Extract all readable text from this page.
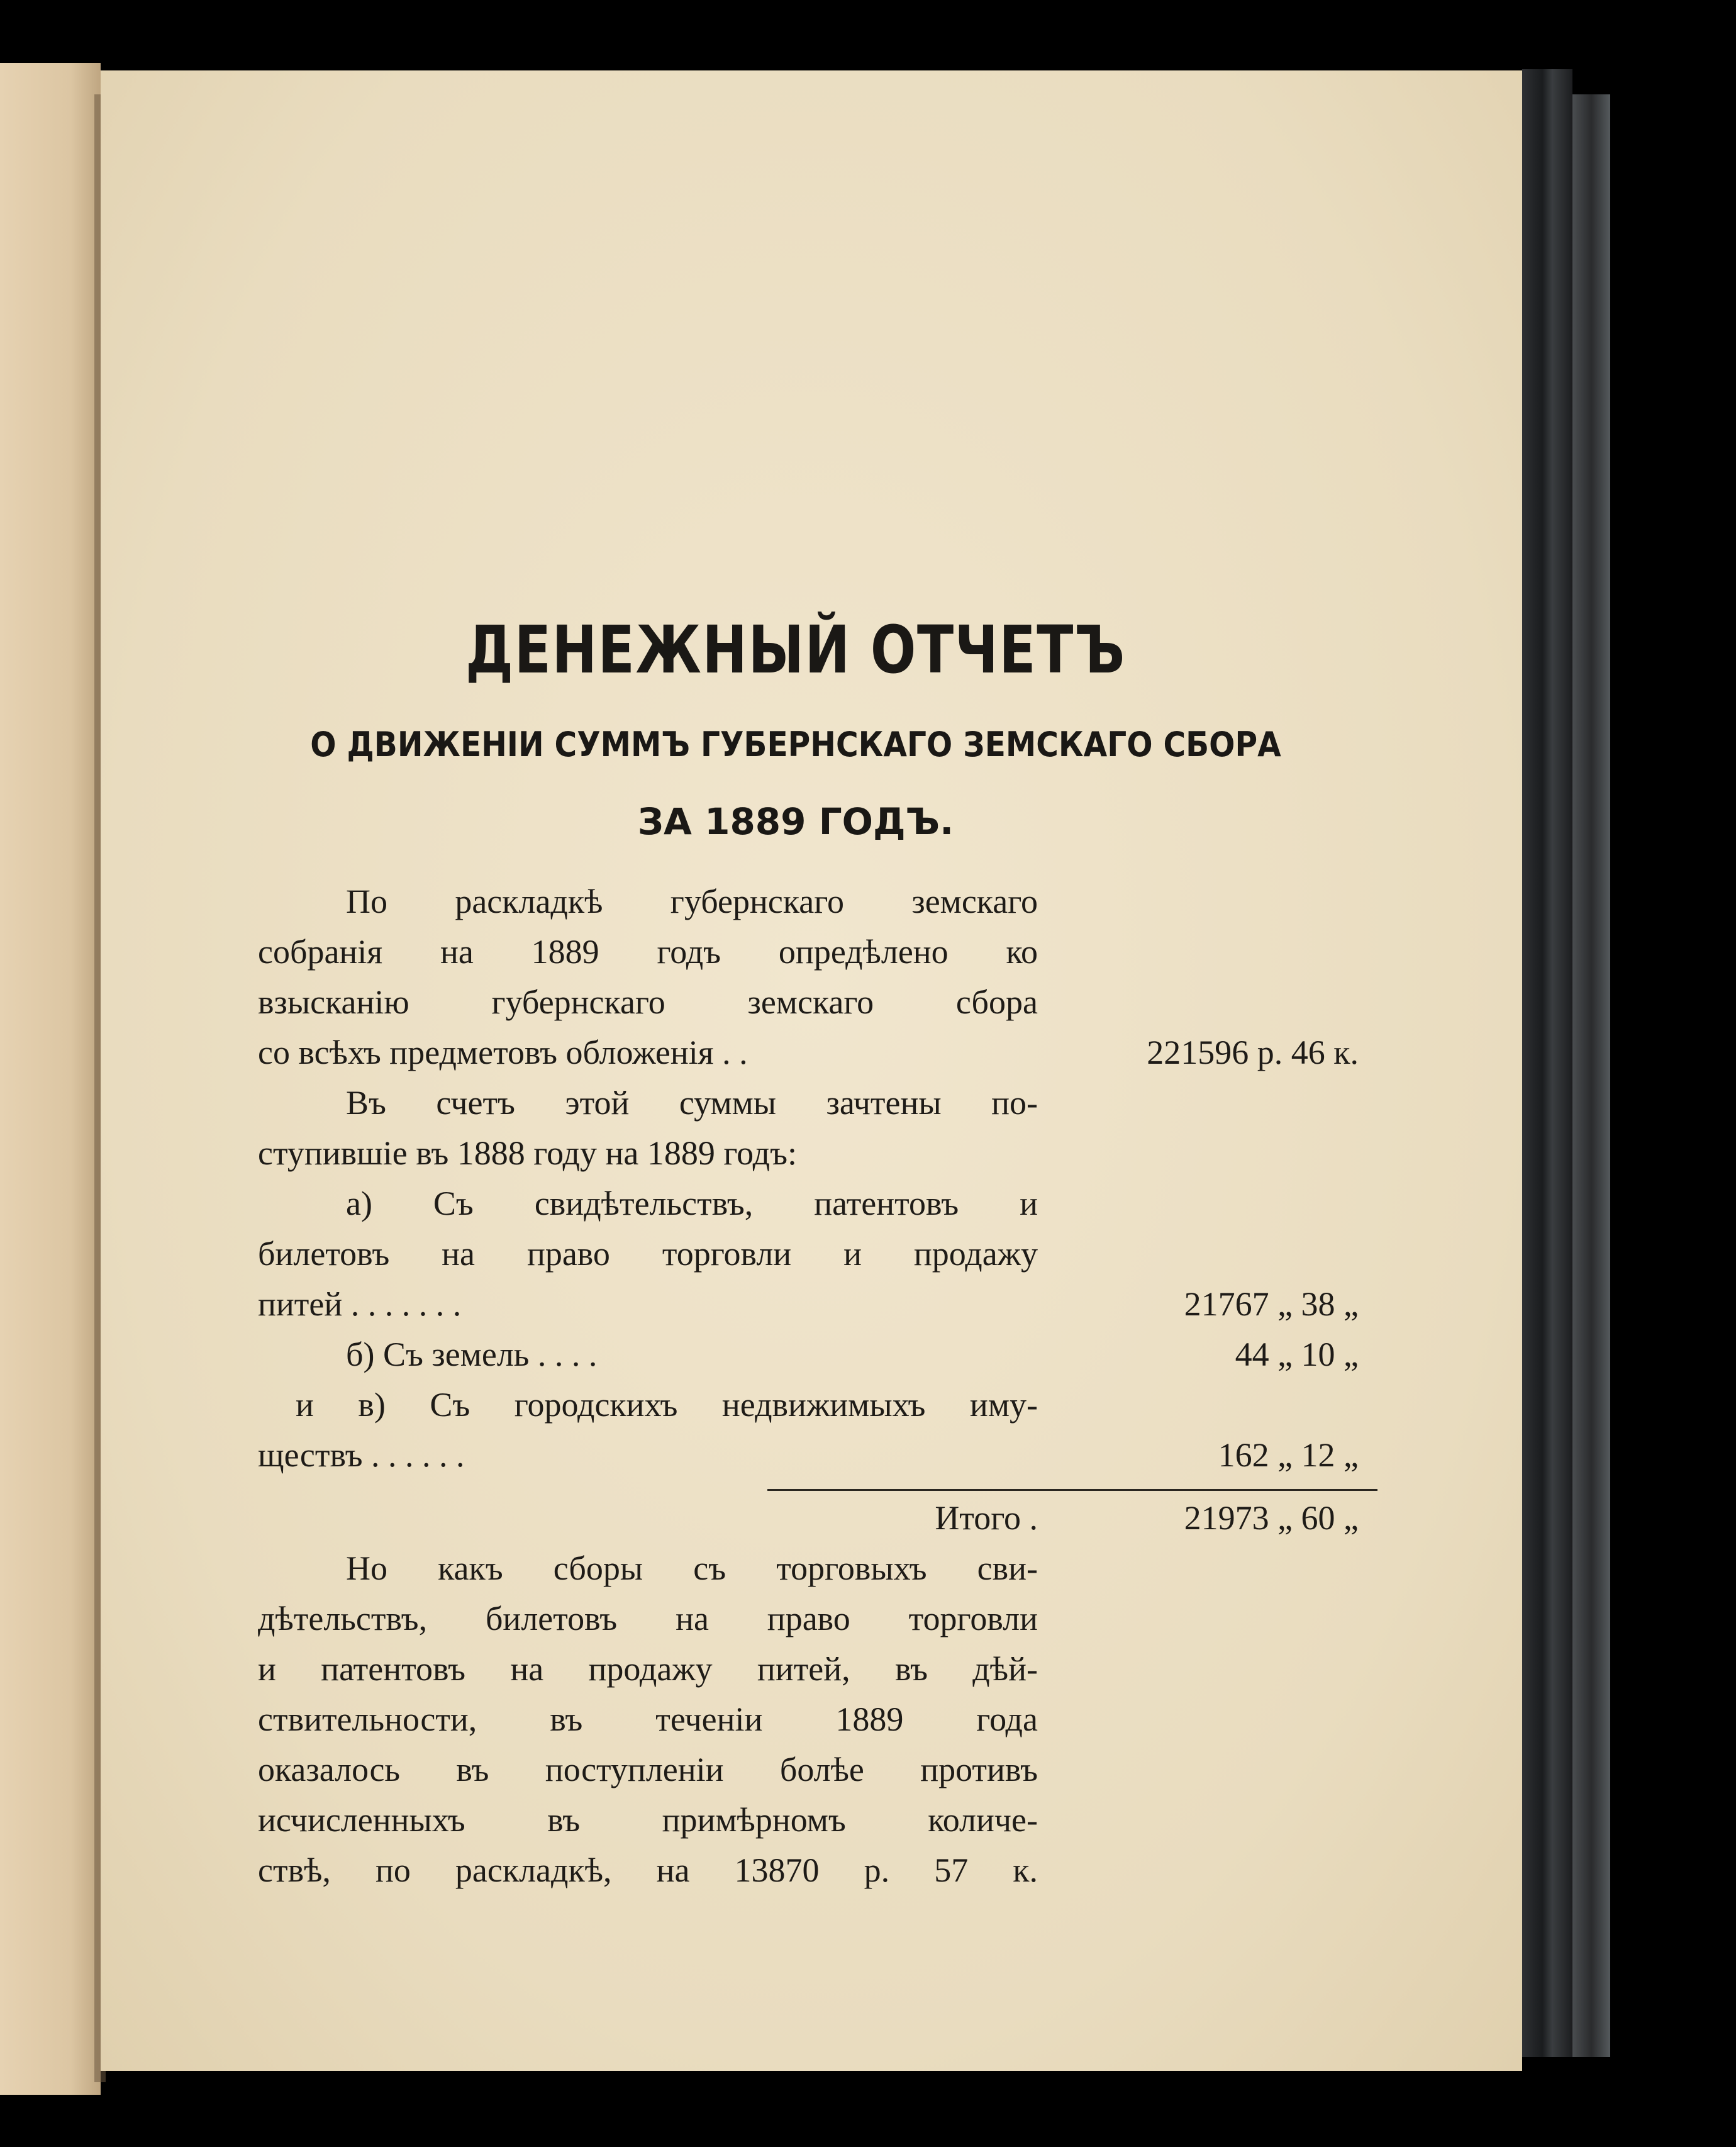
ДЕНЕЖНЫЙ ОТЧЕТЪ
О ДВИЖЕНІИ СУММЪ ГУБЕРНСКАГО ЗЕМСКАГО СБОРА
ЗА 1889 ГОДЪ.
По раскладкѣ губернскаго земскаго
собранія на 1889 годъ опредѣлено ко
взысканію губернскаго земскаго сбора
со всѣхъ предметовъ обложенія . .	221596 р. 46 к.
Въ счетъ этой суммы зачтены по-
ступившіе въ 1888 году на 1889 годъ:
а) Съ свидѣтельствъ, патентовъ и
билетовъ на право торговли и продажу
питей . . . . . . .	21767 „ 38 „
б) Съ земель . . . .	44 „ 10 „
и в) Съ городскихъ недвижимыхъ иму-
ществъ . . . . . .	162 „ 12 „
Итого .	21973 „ 60 „
Но какъ сборы съ торговыхъ сви-
дѣтельствъ, билетовъ на право торговли
и патентовъ на продажу питей, въ дѣй-
ствительности, въ теченіи 1889 года
оказалось въ поступленіи болѣе противъ
исчисленныхъ въ примѣрномъ количе-
ствѣ, по раскладкѣ, на 13870 р. 57 к.
